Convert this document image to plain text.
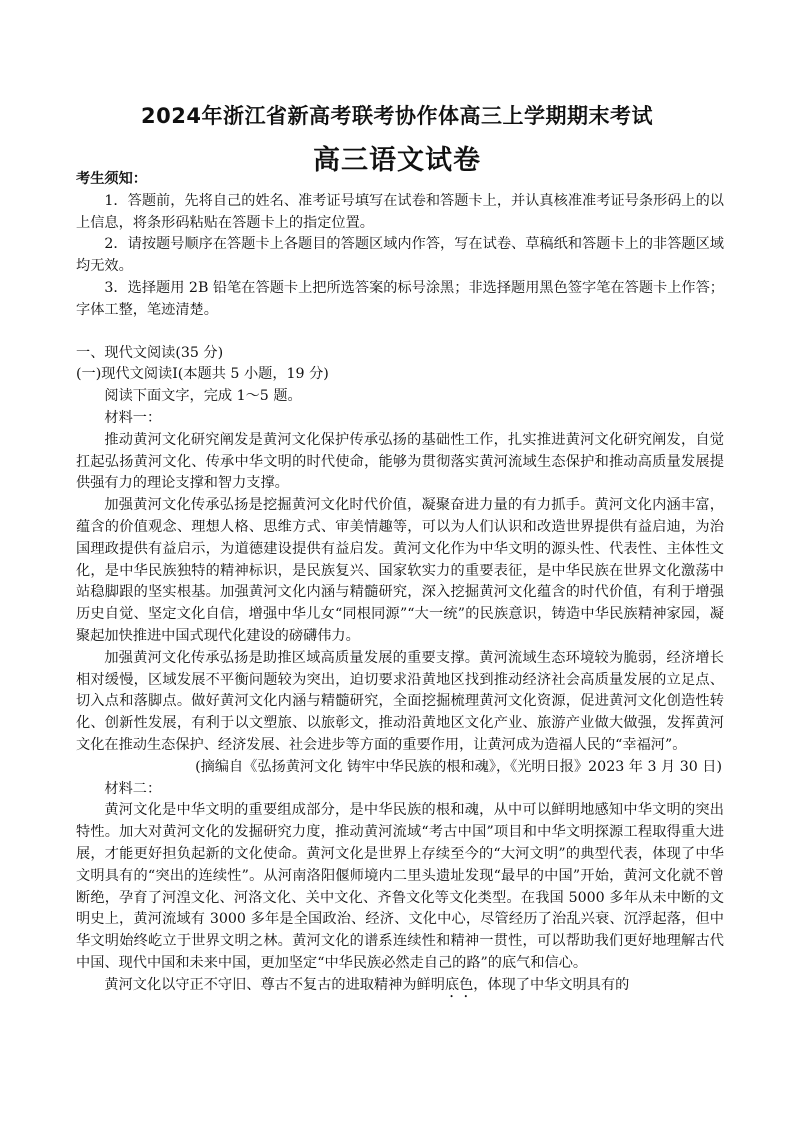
2024年浙江省新高考联考协作体高三上学期期末考试
高三语文试卷

考生须知：

1．答题前，先将自己的姓名、准考证号填写在试卷和答题卡上，并认真核准准考证号条形码上的以上信息，将条形码粘贴在答题卡上的指定位置。

2．请按题号顺序在答题卡上各题目的答题区域内作答，写在试卷、草稿纸和答题卡上的非答题区域均无效。

3．选择题用 2B 铅笔在答题卡上把所选答案的标号涂黑；非选择题用黑色签字笔在答题卡上作答；字体工整，笔迹清楚。

一、现代文阅读(35 分)

(一)现代文阅读Ⅰ(本题共 5 小题，19 分)

阅读下面文字，完成 1～5 题。

材料一：

推动黄河文化研究阐发是黄河文化保护传承弘扬的基础性工作，扎实推进黄河文化研究阐发，自觉扛起弘扬黄河文化、传承中华文明的时代使命，能够为贯彻落实黄河流域生态保护和推动高质量发展提供强有力的理论支撑和智力支撑。

加强黄河文化传承弘扬是挖掘黄河文化时代价值，凝聚奋进力量的有力抓手。黄河文化内涵丰富，蕴含的价值观念、理想人格、思维方式、审美情趣等，可以为人们认识和改造世界提供有益启迪，为治国理政提供有益启示，为道德建设提供有益启发。黄河文化作为中华文明的源头性、代表性、主体性文化，是中华民族独特的精神标识，是民族复兴、国家软实力的重要表征，是中华民族在世界文化激荡中站稳脚跟的坚实根基。加强黄河文化内涵与精髓研究，深入挖掘黄河文化蕴含的时代价值，有利于增强历史自觉、坚定文化自信，增强中华儿女“同根同源”“大一统”的民族意识，铸造中华民族精神家园，凝聚起加快推进中国式现代化建设的磅礴伟力。

加强黄河文化传承弘扬是助推区域高质量发展的重要支撑。黄河流域生态环境较为脆弱，经济增长相对缓慢，区域发展不平衡问题较为突出，迫切要求沿黄地区找到推动经济社会高质量发展的立足点、切入点和落脚点。做好黄河文化内涵与精髓研究，全面挖掘梳理黄河文化资源，促进黄河文化创造性转化、创新性发展，有利于以文塑旅、以旅彰文，推动沿黄地区文化产业、旅游产业做大做强，发挥黄河文化在推动生态保护、经济发展、社会进步等方面的重要作用，让黄河成为造福人民的“幸福河”。

(摘编自《弘扬黄河文化 铸牢中华民族的根和魂》，《光明日报》2023 年 3 月 30 日)

材料二：

黄河文化是中华文明的重要组成部分，是中华民族的根和魂，从中可以鲜明地感知中华文明的突出特性。加大对黄河文化的发掘研究力度，推动黄河流域“考古中国”项目和中华文明探源工程取得重大进展，才能更好担负起新的文化使命。黄河文化是世界上存续至今的“大河文明”的典型代表，体现了中华文明具有的“突出的连续性”。从河南洛阳偃师境内二里头遗址发现“最早的中国”开始，黄河文化就不曾断绝，孕育了河湟文化、河洛文化、关中文化、齐鲁文化等文化类型。在我国 5000 多年从未中断的文明史上，黄河流域有 3000 多年是全国政治、经济、文化中心，尽管经历了治乱兴衰、沉浮起落，但中华文明始终屹立于世界文明之林。黄河文化的谱系连续性和精神一贯性，可以帮助我们更好地理解古代中国、现代中国和未来中国，更加坚定“中华民族必然走自己的路”的底气和信心。

黄河文化以守正不守旧、尊古不复古的进取精神为鲜明底色，体现了中华文明具有的
